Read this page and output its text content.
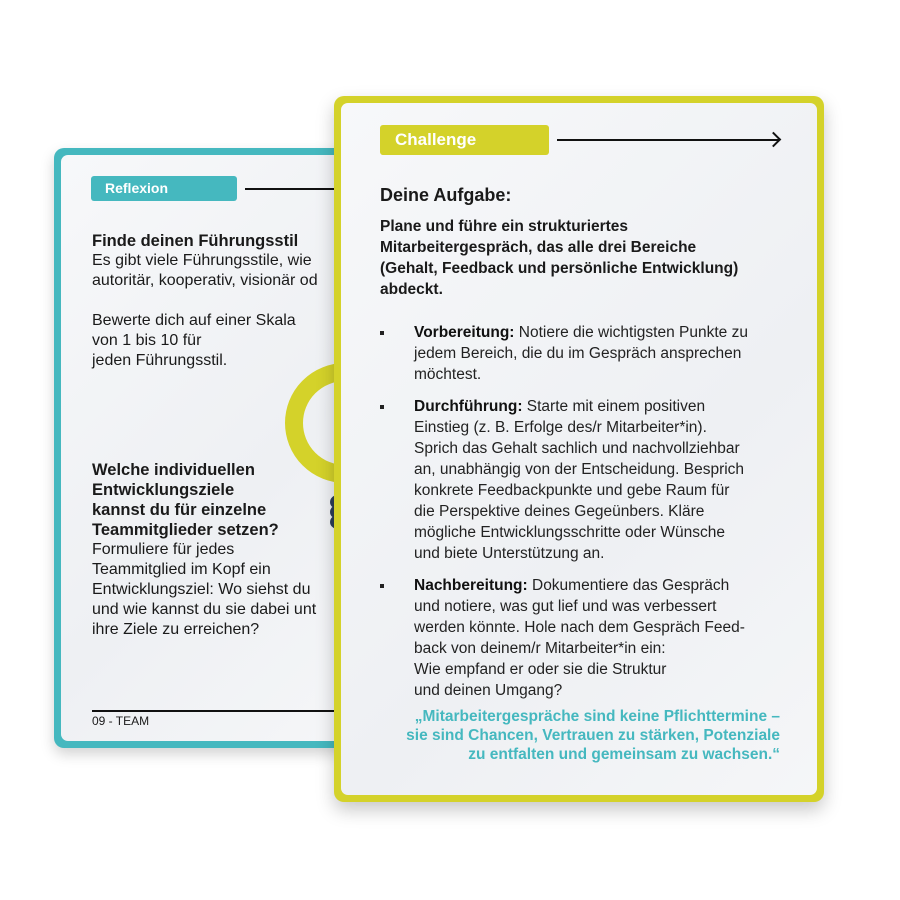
Reflexion
Finde deinen Führungsstil

Es gibt viele Führungsstile, wie

autoritär, kooperativ, visionär od

Bewerte dich auf einer Skala

von 1 bis 10 für

jeden Führungsstil.

Welche individuellen
Entwicklungsziele
kannst du für einzelne
Teammitglieder setzen?

Formuliere für jedes

Teammitglied im Kopf ein

Entwicklungsziel: Wo siehst du

und wie kannst du sie dabei unt

ihre Ziele zu erreichen?

09 - TEAM
Challenge

Deine Aufgabe:

Plane und führe ein strukturiertes
Mitarbeitergespräch, das alle drei Bereiche
(Gehalt, Feedback und persönliche Entwicklung)
abdeckt.

Vorbereitung: Notiere die wichtigsten Punkte zu
jedem Bereich, die du im Gespräch ansprechen
möchtest.
Durchführung: Starte mit einem positiven
Einstieg (z. B. Erfolge des/r Mitarbeiter*in).
Sprich das Gehalt sachlich und nachvollziehbar
an, unabhängig von der Entscheidung. Besprich
konkrete Feedbackpunkte und gebe Raum für
die Perspektive deines Gegeünbers. Kläre
mögliche Entwicklungsschritte oder Wünsche
und biete Unterstützung an.
Nachbereitung: Dokumentiere das Gespräch
und notiere, was gut lief und was verbessert
werden könnte. Hole nach dem Gespräch Feed-
back von deinem/r Mitarbeiter*in ein:
Wie empfand er oder sie die Struktur
und deinen Umgang?
„Mitarbeitergespräche sind keine Pflichttermine –
sie sind Chancen, Vertrauen zu stärken, Potenziale
zu entfalten und gemeinsam zu wachsen.“
